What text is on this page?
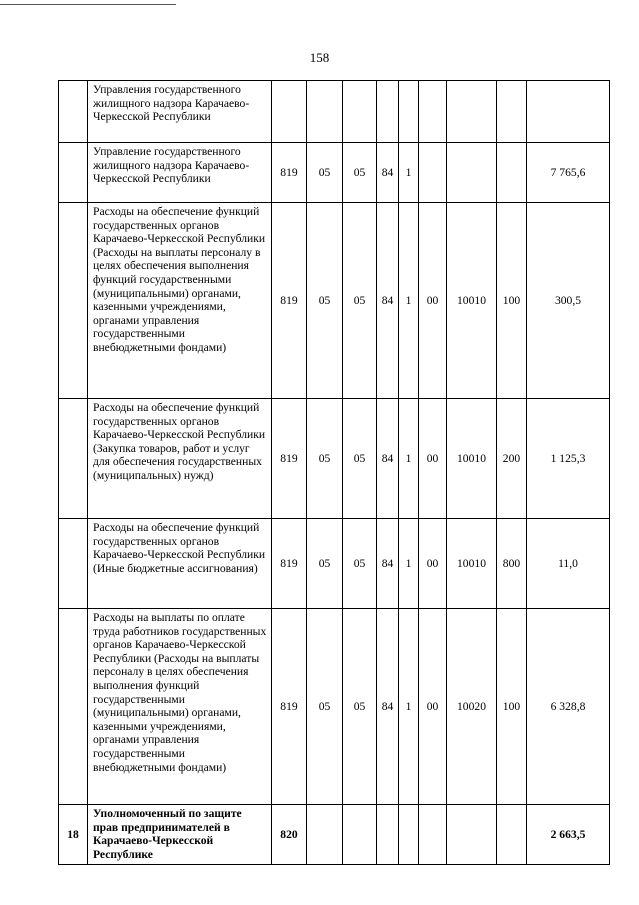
158
	Управления государственного жилищного надзора Карачаево-Черкесской Республики									
	Управление государственного жилищного надзора Карачаево-Черкесской Республики	819	05	05	84	1				7 765,6
	Расходы на обеспечение функций государственных органов Карачаево-Черкесской Республики (Расходы на выплаты персоналу в целях обеспечения выполнения функций государственными (муниципальными) органами, казенными учреждениями, органами управления государственными внебюджетными фондами)	819	05	05	84	1	00	10010	100	300,5
	Расходы на обеспечение функций государственных органов Карачаево-Черкесской Республики (Закупка товаров, работ и услуг для обеспечения государственных (муниципальных) нужд)	819	05	05	84	1	00	10010	200	1 125,3
	Расходы на обеспечение функций государственных органов Карачаево-Черкесской Республики (Иные бюджетные ассигнования)	819	05	05	84	1	00	10010	800	11,0
	Расходы на выплаты по оплате труда работников государственных органов Карачаево-Черкесской Республики (Расходы на выплаты персоналу в целях обеспечения выполнения функций государственными (муниципальными) органами, казенными учреждениями, органами управления государственными внебюджетными фондами)	819	05	05	84	1	00	10020	100	6 328,8
18	Уполномоченный по защите прав предпринимателей в Карачаево-Черкесской Республике	820								2 663,5
